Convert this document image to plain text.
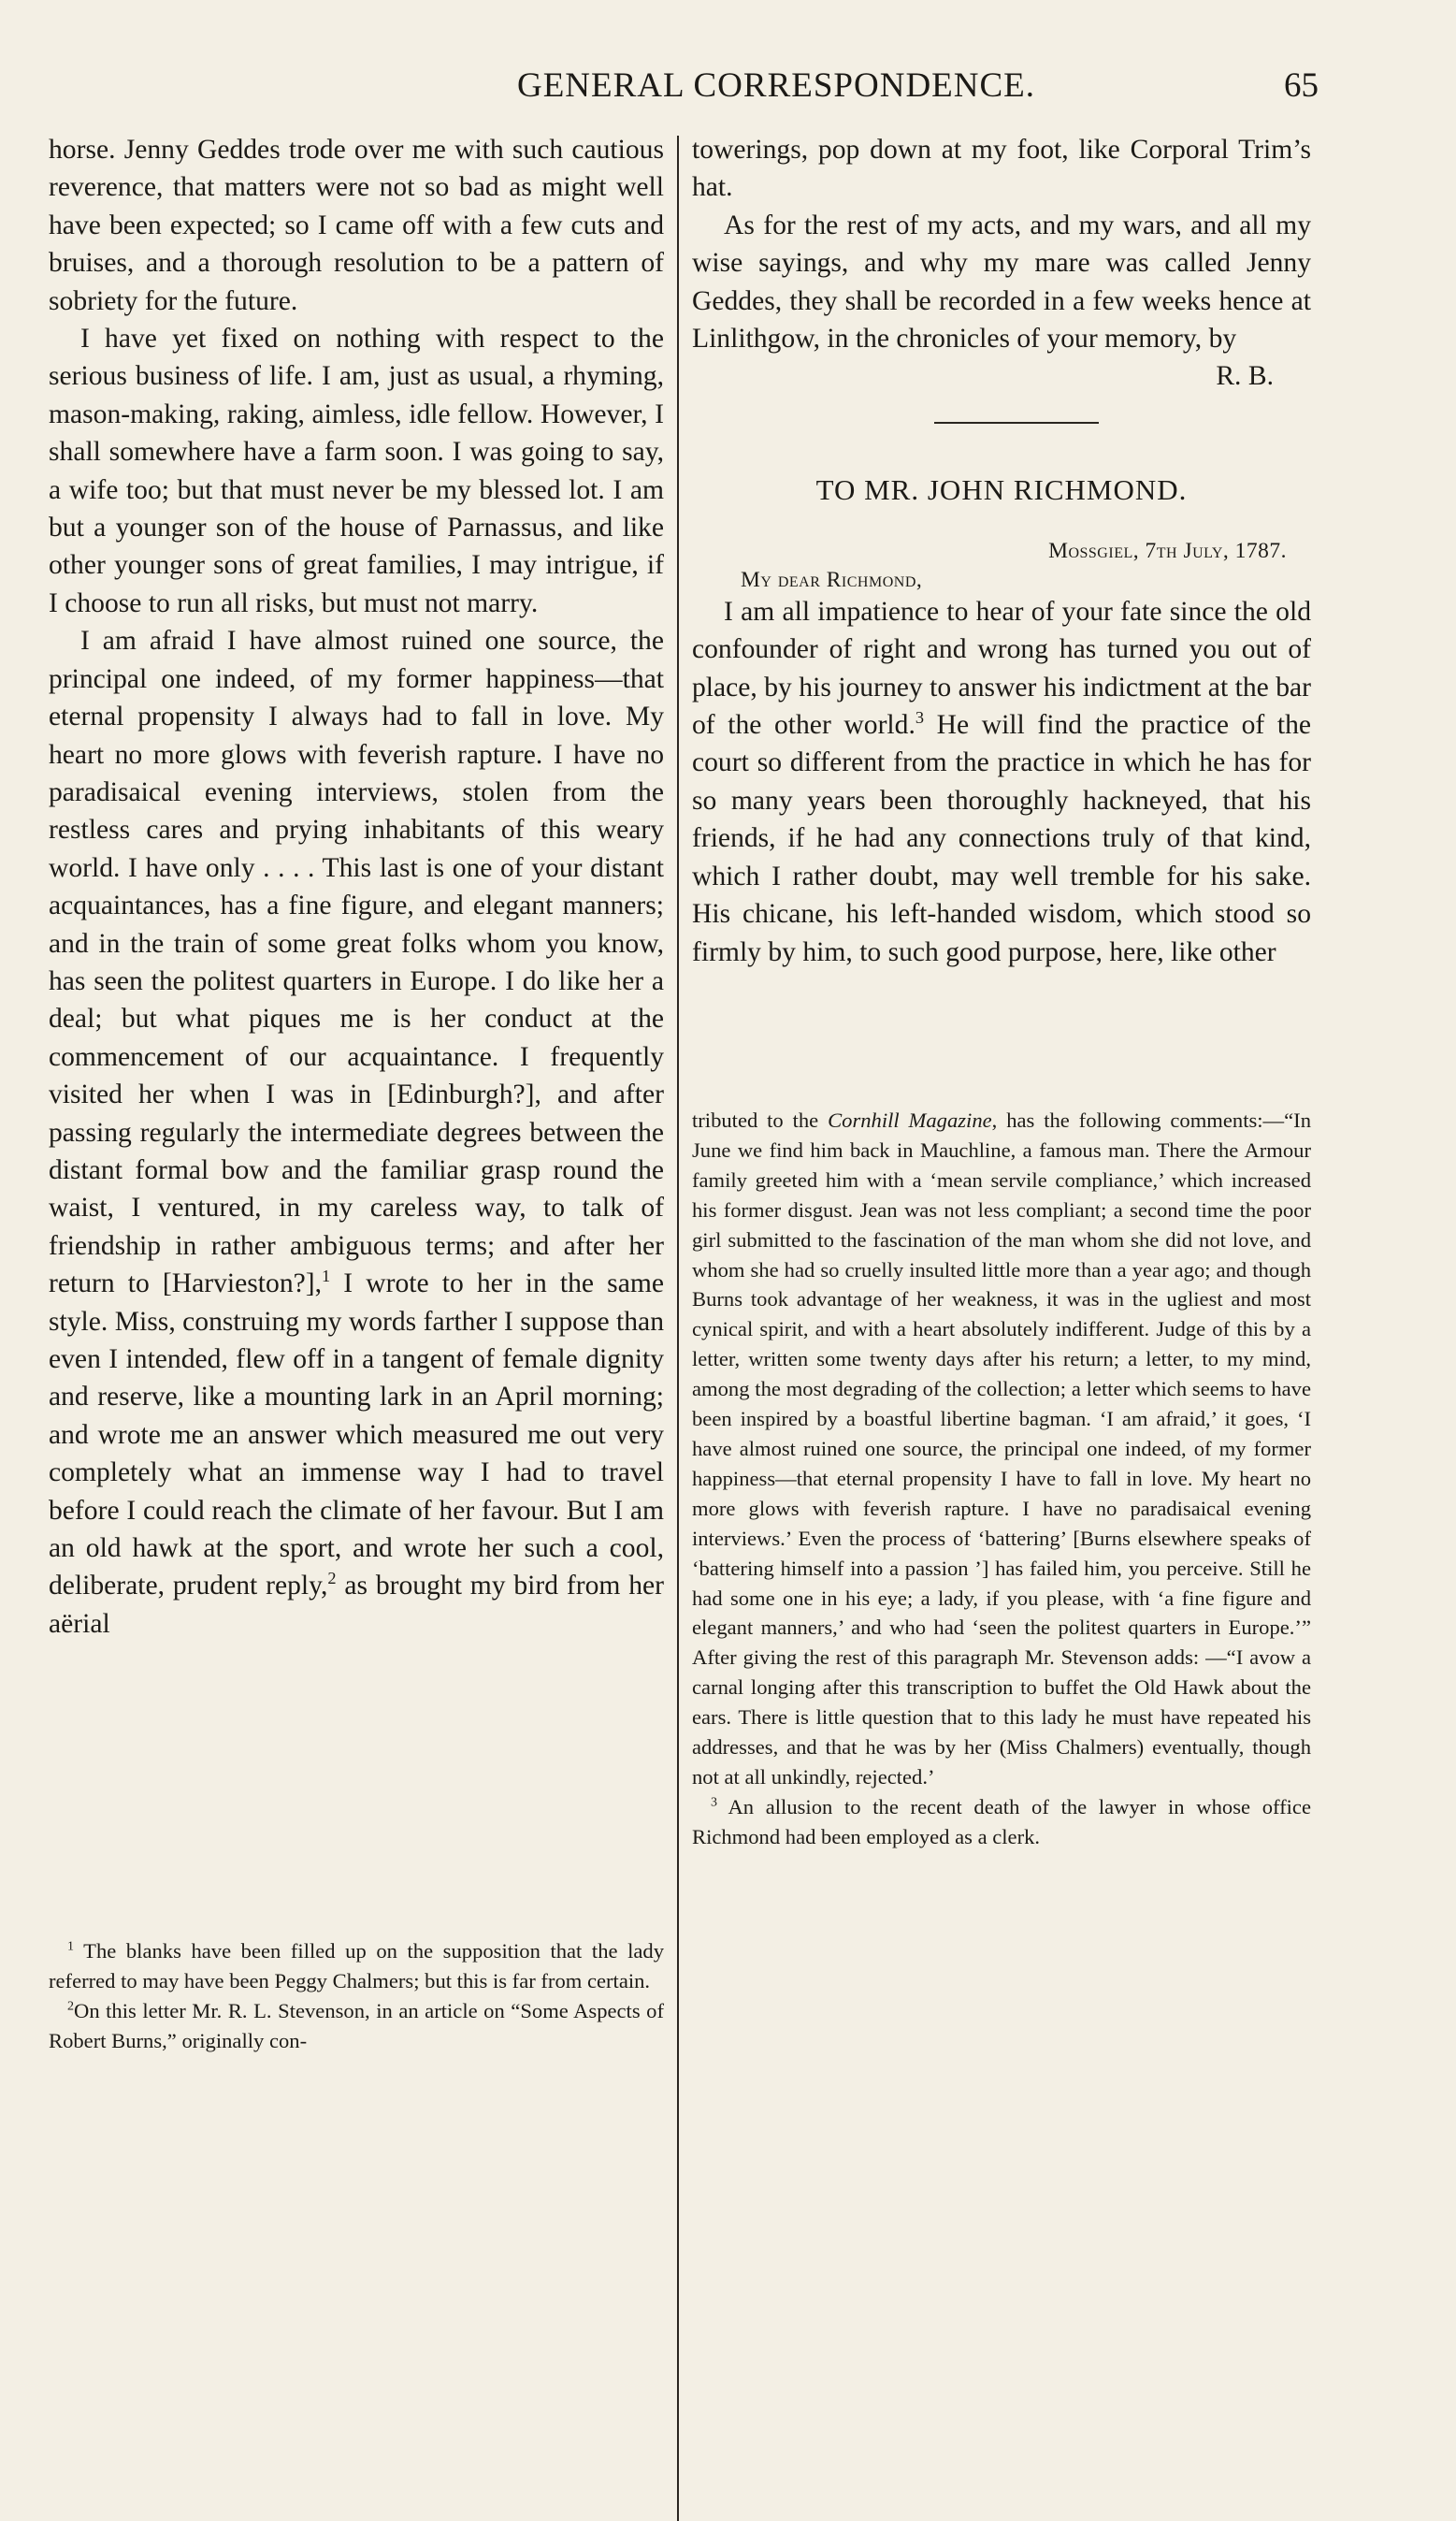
GENERAL CORRESPONDENCE.	65

horse. Jenny Geddes trode over me with such cautious reverence, that matters were not so bad as might well have been expected; so I came off with a few cuts and bruises, and a thorough resolution to be a pattern of sobriety for the future.

I have yet fixed on nothing with respect to the serious business of life. I am, just as usual, a rhyming, mason-making, raking, aimless, idle fellow. However, I shall somewhere have a farm soon. I was going to say, a wife too; but that must never be my blessed lot. I am but a younger son of the house of Parnassus, and like other younger sons of great families, I may intrigue, if I choose to run all risks, but must not marry.

I am afraid I have almost ruined one source, the principal one indeed, of my former happiness—that eternal propensity I always had to fall in love. My heart no more glows with feverish rapture. I have no paradisaical evening interviews, stolen from the restless cares and prying inhabitants of this weary world. I have only . . . . This last is one of your distant acquaintances, has a fine figure, and elegant manners; and in the train of some great folks whom you know, has seen the politest quarters in Europe. I do like her a deal; but what piques me is her conduct at the commencement of our acquaintance. I frequently visited her when I was in [Edinburgh?], and after passing regularly the intermediate degrees between the distant formal bow and the familiar grasp round the waist, I ventured, in my careless way, to talk of friendship in rather ambiguous terms; and after her return to [Harvieston?],$^1$ I wrote to her in the same style. Miss, construing my words farther I suppose than even I intended, flew off in a tangent of female dignity and reserve, like a mounting lark in an April morning; and wrote me an answer which measured me out very completely what an immense way I had to travel before I could reach the climate of her favour. But I am an old hawk at the sport, and wrote her such a cool, deliberate, prudent reply,$^2$ as brought my bird from her aërial

$^1$ The blanks have been filled up on the supposition that the lady referred to may have been Peggy Chalmers; but this is far from certain.

$^2$On this letter Mr. R. L. Stevenson, in an article on “Some Aspects of Robert Burns,” originally con-

towerings, pop down at my foot, like Corporal Trim’s hat.

As for the rest of my acts, and my wars, and all my wise sayings, and why my mare was called Jenny Geddes, they shall be recorded in a few weeks hence at Linlithgow, in the chronicles of your memory, by

R. B.

TO MR. JOHN RICHMOND.
Mossgiel, 7th July, 1787.
My dear Richmond,

I am all impatience to hear of your fate since the old confounder of right and wrong has turned you out of place, by his journey to answer his indictment at the bar of the other world.$^3$ He will find the practice of the court so different from the practice in which he has for so many years been thoroughly hackneyed, that his friends, if he had any connections truly of that kind, which I rather doubt, may well tremble for his sake. His chicane, his left-handed wisdom, which stood so firmly by him, to such good purpose, here, like other

tributed to the Cornhill Magazine, has the following comments:—“In June we find him back in Mauchline, a famous man. There the Armour family greeted him with a ‘mean servile compliance,’ which increased his former disgust. Jean was not less compliant; a second time the poor girl submitted to the fascination of the man whom she did not love, and whom she had so cruelly insulted little more than a year ago; and though Burns took advantage of her weakness, it was in the ugliest and most cynical spirit, and with a heart absolutely indifferent. Judge of this by a letter, written some twenty days after his return; a letter, to my mind, among the most degrading of the collection; a letter which seems to have been inspired by a boastful libertine bagman. ‘I am afraid,’ it goes, ‘I have almost ruined one source, the principal one indeed, of my former happiness—that eternal propensity I have to fall in love. My heart no more glows with feverish rapture. I have no paradisaical evening interviews.’ Even the process of ‘battering’ [Burns elsewhere speaks of ‘battering himself into a passion ’] has failed him, you perceive. Still he had some one in his eye; a lady, if you please, with ‘a fine figure and elegant manners,’ and who had ‘seen the politest quarters in Europe.’” After giving the rest of this paragraph Mr. Stevenson adds: —“I avow a carnal longing after this transcription to buffet the Old Hawk about the ears. There is little question that to this lady he must have repeated his addresses, and that he was by her (Miss Chalmers) eventually, though not at all unkindly, rejected.’

$^3$ An allusion to the recent death of the lawyer in whose office Richmond had been employed as a clerk.
